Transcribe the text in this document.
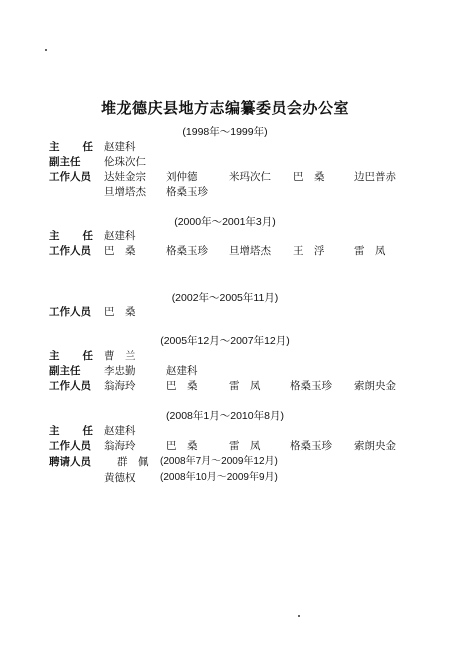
堆龙德庆县地方志编纂委员会办公室
(1998年～1999年)
主 任 赵建科
副主任	伦珠次仁
工作人员 达娃金宗 刘仲德	米玛次仁 巴　桑	边巴普赤
旦增塔杰 格桑玉珍
(2000年～2001年3月)
主 任 赵建科
工作人员 巴　桑	格桑玉珍 旦增塔杰 王　浮	雷　凤
(2002年～2005年11月)
工作人员 巴　桑
(2005年12月～2007年12月)
主 任 曹　兰
副主任	李忠勤	赵建科
工作人员 翁海玲	巴　桑	雷　凤	格桑玉珍 索朗央金
(2008年1月～2010年8月)
主 任 赵建科
工作人员 翁海玲	巴　桑	雷　凤	格桑玉珍 索朗央金
聘请人员 群　佩 (2008年7月～2009年12月)
黄德权 (2008年10月～2009年9月)
